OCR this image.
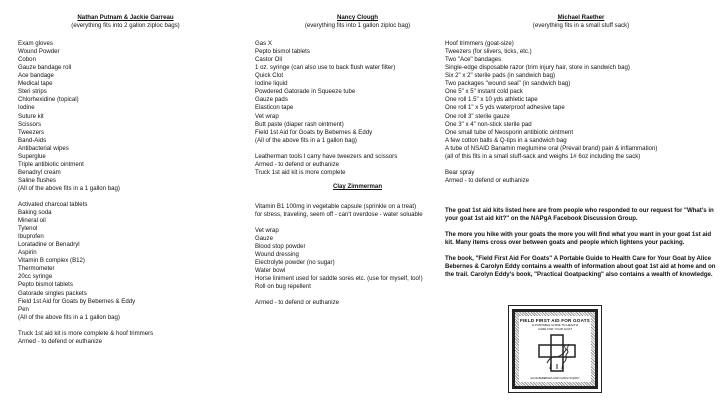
Nathan Putnam & Jackie Garreau
(everything fits into 2 gallon ziploc bags)
Exam gloves
Wound Powder
Cobon
Gauze bandage roll
Ace bandage
Medical tape
Steri strips
Chlorhexidine (topical)
Iodine
Suture kit
Scissors
Tweezers
Band-Aids
Antibacterial wipes
Superglue
Triple antibiotic ointment
Benadryl cream
Saline flushes
(All of the above fits in a 1 gallon bag)
Activated charcoal tablets
Baking soda
Mineral oil
Tylenol
Ibuprofen
Loratadine or Benadryl
Aspirin
Vitamin B complex (B12)
Thermometer
20cc syringe
Pepto bismol tablets
Gatorade singles packets
Field 1st Aid for Goats by Bebernes & Eddy
Pen
(All of the above fits in a 1 gallon bag)
Truck 1st aid kit is more complete & hoof trimmers
Armed - to defend or euthanize
Nancy Clough
(everything fits into 1 gallon ziploc bag)
Gas X
Pepto bismol tablets
Castor Oil
1 oz. syringe (can also use to back flush water filter)
Quick Clot
Iodine liquid
Powdered Gatorade in Squeeze tube
Gauze pads
Elasticon tape
Vet wrap
Butt paste (diaper rash ointment)
Field 1st Aid for Goats by Bebernes & Eddy
(All of the above fits in a 1 gallon bag)
Leatherman tools I carry have tweezers and scissors
Armed - to defend or euthanize
Truck 1st aid kit is more complete
Clay Zimmerman
Vitamin B1 100mg in vegetable capsule (sprinkle on a treat)
for stress, traveling, seem off - can't overdose - water soluable
Vet wrap
Gauze
Blood stop powder
Wound dressing
Electrolyte powder (no sugar)
Water bowl
Horse liniment used for saddle sores etc. (use for myself, too!)
Roll on bug repellent
Armed - to defend or euthanize
Michael Raether
(everything fits in a small stuff sack)
Hoof trimmers (goat-size)
Tweezers (for slivers, ticks, etc.)
Two "Ace" bandages
Single-edge disposable razor (trim injury hair, store in sandwich bag)
Six 2" x 2" sterile pads (in sandwich bag)
Two packages "wound seal" (in sandwich bag)
One 5" x 5" instant cold pack
One roll 1.5" x 10 yds athletic tape
One roll 1" x 5 yds waterproof adhesive tape
One roll 3" sterile gauze
One 3" x 4" non-stick sterile pad
One small tube of Neosporin antibiotic ointment
A few cotton balls & Q-tips in a sandwich bag
A tube of NSAID Banamin meglumine oral (Prevail brand) pain & inflammation)
(all of this fits in a small stuff-sack and weighs 1# 6oz including the sack)
Bear spray
Armed - to defend or euthanize
The goat 1st aid kits listed here are from people who responded to our request for "What's in your goat 1st aid kit?" on the NAPgA Facebook Discussion Group.
The more you hike with your goats the more you will find what you want in your goat 1st aid kit. Many items cross over between goats and people which lightens your packing.
The book, "Field First Aid For Goats" A Portable Guide to Health Care for Your Goat by Alice Bebernes & Carolyn Eddy contains a wealth of information about goat 1st aid at home and on the trail. Carolyn Eddy's book, "Practical Goatpacking" also contains a wealth of knowledge.
FIELD FIRST AID FOR GOATS
A PORTABLE GUIDE TO HEALTH
CARE FOR YOUR GOAT
ALICE BEBERNES AND CAROLYN EDDY
